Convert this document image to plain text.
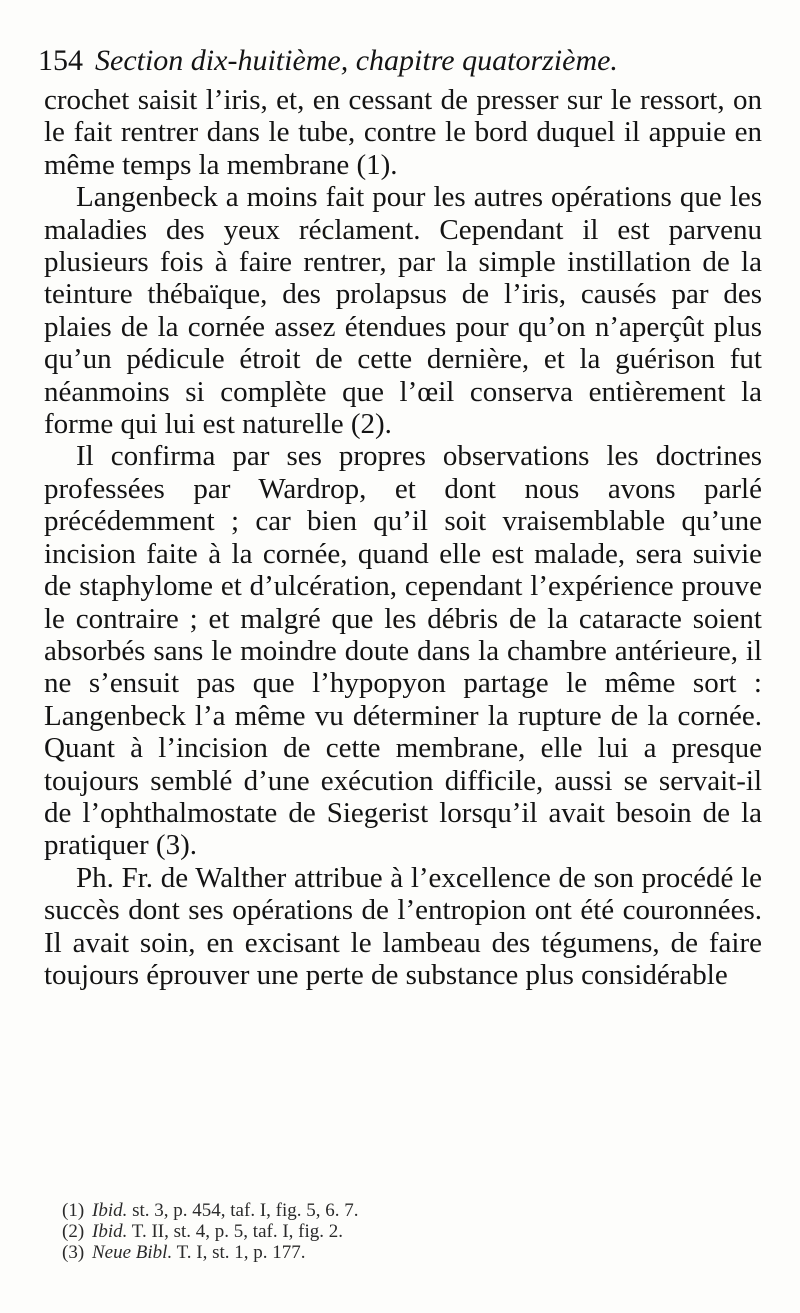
154 Section dix-huitième, chapitre quatorzième.

crochet saisit l’iris, et, en cessant de presser sur le ressort, on le fait rentrer dans le tube, contre le bord duquel il appuie en même temps la membrane (1).

Langenbeck a moins fait pour les autres opérations que les maladies des yeux réclament. Cependant il est parvenu plusieurs fois à faire rentrer, par la simple instillation de la teinture thébaïque, des prolapsus de l’iris, causés par des plaies de la cornée assez étendues pour qu’on n’aperçût plus qu’un pédicule étroit de cette dernière, et la guérison fut néanmoins si complète que l’œil conserva entièrement la forme qui lui est naturelle (2).

Il confirma par ses propres observations les doctrines professées par Wardrop, et dont nous avons parlé précédemment ; car bien qu’il soit vraisemblable qu’une incision faite à la cornée, quand elle est malade, sera suivie de staphylome et d’ulcération, cependant l’expérience prouve le contraire ; et malgré que les débris de la cataracte soient absorbés sans le moindre doute dans la chambre antérieure, il ne s’ensuit pas que l’hypopyon partage le même sort : Langenbeck l’a même vu déterminer la rupture de la cornée. Quant à l’incision de cette membrane, elle lui a presque toujours semblé d’une exécution difficile, aussi se servait-il de l’ophthalmostate de Siegerist lorsqu’il avait besoin de la pratiquer (3).

Ph. Fr. de Walther attribue à l’excellence de son procédé le succès dont ses opérations de l’entropion ont été couronnées. Il avait soin, en excisant le lambeau des tégumens, de faire toujours éprouver une perte de substance plus considérable

(1) Ibid. st. 3, p. 454, taf. I, fig. 5, 6. 7.

(2) Ibid. T. II, st. 4, p. 5, taf. I, fig. 2.

(3) Neue Bibl. T. I, st. 1, p. 177.
